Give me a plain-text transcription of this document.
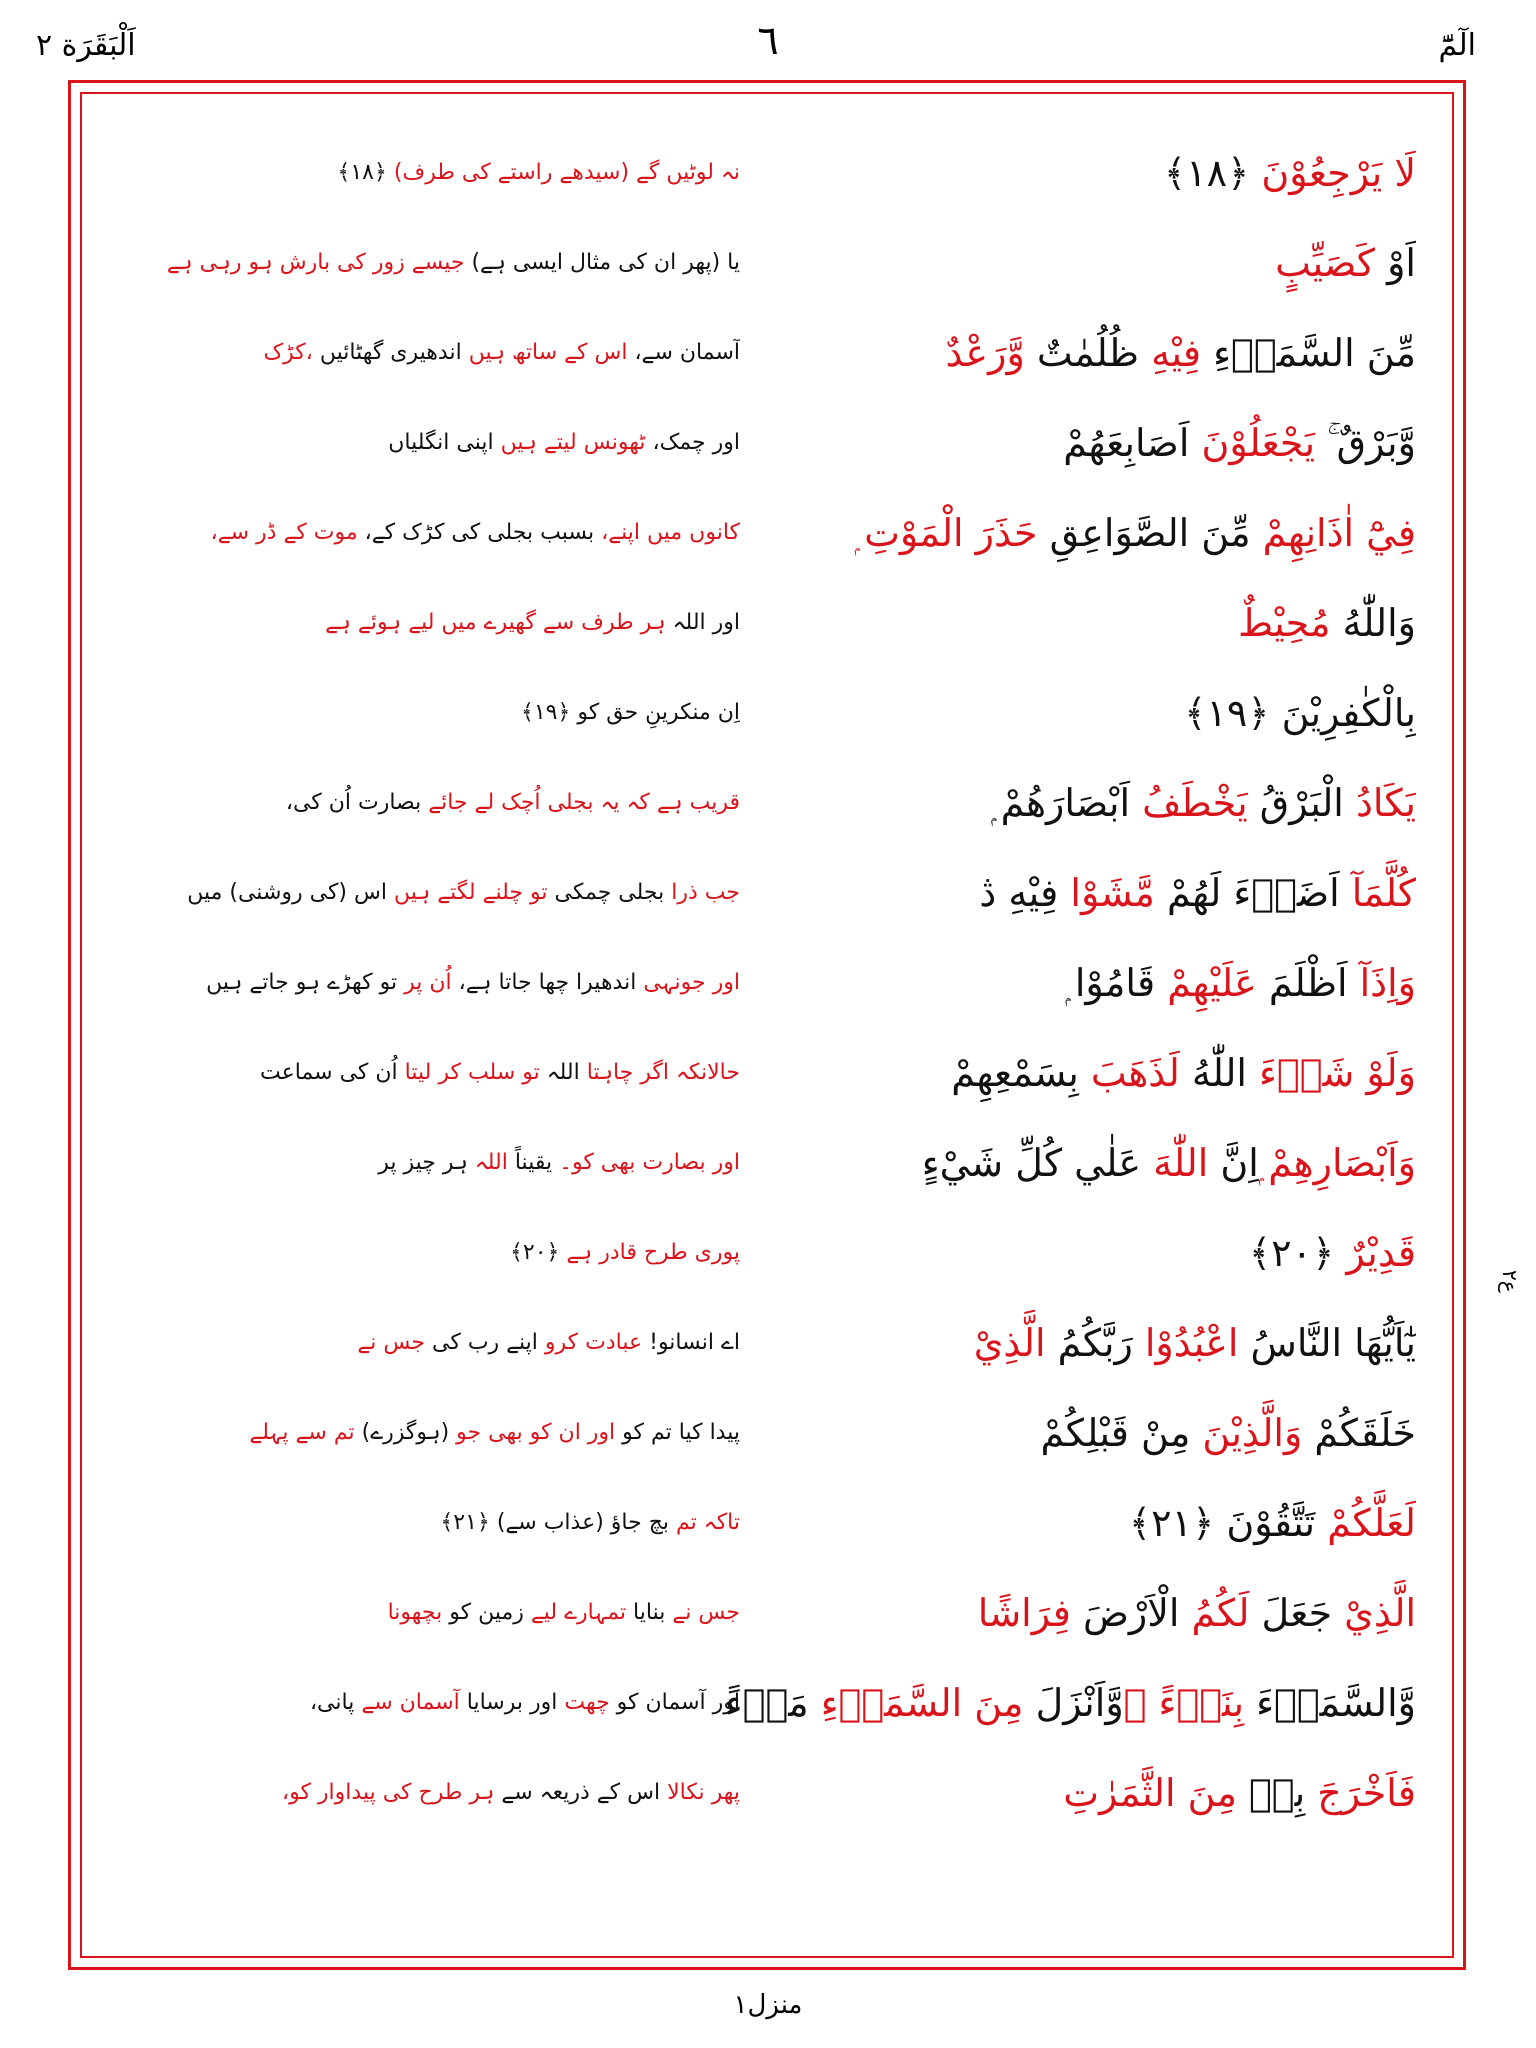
الٓمّٓ
٦
اَلْبَقَرَة ٢
لَا يَرْجِعُوْنَ ﴿١٨﴾
نہ لوٹیں گے (سیدھے راستے کی طرف) ﴿١٨﴾
اَوْ كَصَيِّبٍ
یا (پھر ان کی مثال ایسی ہے) جیسے زور کی بارش ہو رہی ہے
مِّنَ السَّمَاۗءِ فِيْهِ ظُلُمٰتٌ وَّرَعْدٌ
آسمان سے، اس کے ساتھ ہیں اندھیری گھٹائیں ،کڑک
وَّبَرْقٌ ۚ يَجْعَلُوْنَ اَصَابِعَھُمْ
اور چمک، ٹھونس لیتے ہیں اپنی انگلیاں
فِيْٓ اٰذَانِهِمْ مِّنَ الصَّوَاعِقِ حَذَرَ الْمَوْتِ ۭ
کانوں میں اپنے، بسبب بجلی کی کڑک کے، موت کے ڈر سے،
وَاللّٰهُ مُحِيْطٌ
اور اللہ ہر طرف سے گھیرے میں لیے ہوئے ہے
بِالْكٰفِرِيْنَ ﴿١٩﴾
اِن منکرینِ حق کو ﴿١٩﴾
يَكَادُ الْبَرْقُ يَخْطَفُ اَبْصَارَھُمْ ۭ
قریب ہے کہ یہ بجلی اُچک لے جائے بصارت اُن کی،
كُلَّمَآ اَضَاۗءَ لَھُمْ مَّشَوْا فِيْهِ ڎ
جب ذرا بجلی چمکی تو چلنے لگتے ہیں اس (کی روشنی) میں
وَاِذَآ اَظْلَمَ عَلَيْهِمْ قَامُوْا ۭ
اور جونہی اندھیرا چھا جاتا ہے، اُن پر تو کھڑے ہو جاتے ہیں
وَلَوْ شَاۗءَ اللّٰهُ لَذَھَبَ بِسَمْعِهِمْ
حالانکہ اگر چاہتا اللہ تو سلب کر لیتا اُن کی سماعت
وَاَبْصَارِهِمْ ۭاِنَّ اللّٰهَ عَلٰي كُلِّ شَيْءٍ
اور بصارت بھی کو۔ یقیناً اللہ ہر چیز پر
قَدِيْرٌ ﴿٢٠﴾
پوری طرح قادر ہے ﴿٢٠﴾
يٰٓاَيُّهَا النَّاسُ اعْبُدُوْا رَبَّكُمُ الَّذِيْ
اے انسانو! عبادت کرو اپنے رب کی جس نے
خَلَقَكُمْ وَالَّذِيْنَ مِنْ قَبْلِكُمْ
پیدا کیا تم کو اور ان کو بھی جو (ہوگزرے) تم سے پہلے
لَعَلَّكُمْ تَتَّقُوْنَ ﴿٢١﴾
تاکہ تم بچ جاؤ (عذاب سے) ﴿٢١﴾
الَّذِيْ جَعَلَ لَكُمُ الْاَرْضَ فِرَاشًا
جس نے بنایا تمہارے لیے زمین کو بچھونا
وَّالسَّمَاۗءَ بِنَاۗءً ۠وَّاَنْزَلَ مِنَ السَّمَاۗءِ مَاۗءً
اور آسمان کو چھت اور برسایا آسمان سے پانی،
فَاَخْرَجَ بِهٖ مِنَ الثَّمَرٰتِ
پھر نکالا اس کے ذریعہ سے ہر طرح کی پیداوار کو،
ع٢
منزل١
